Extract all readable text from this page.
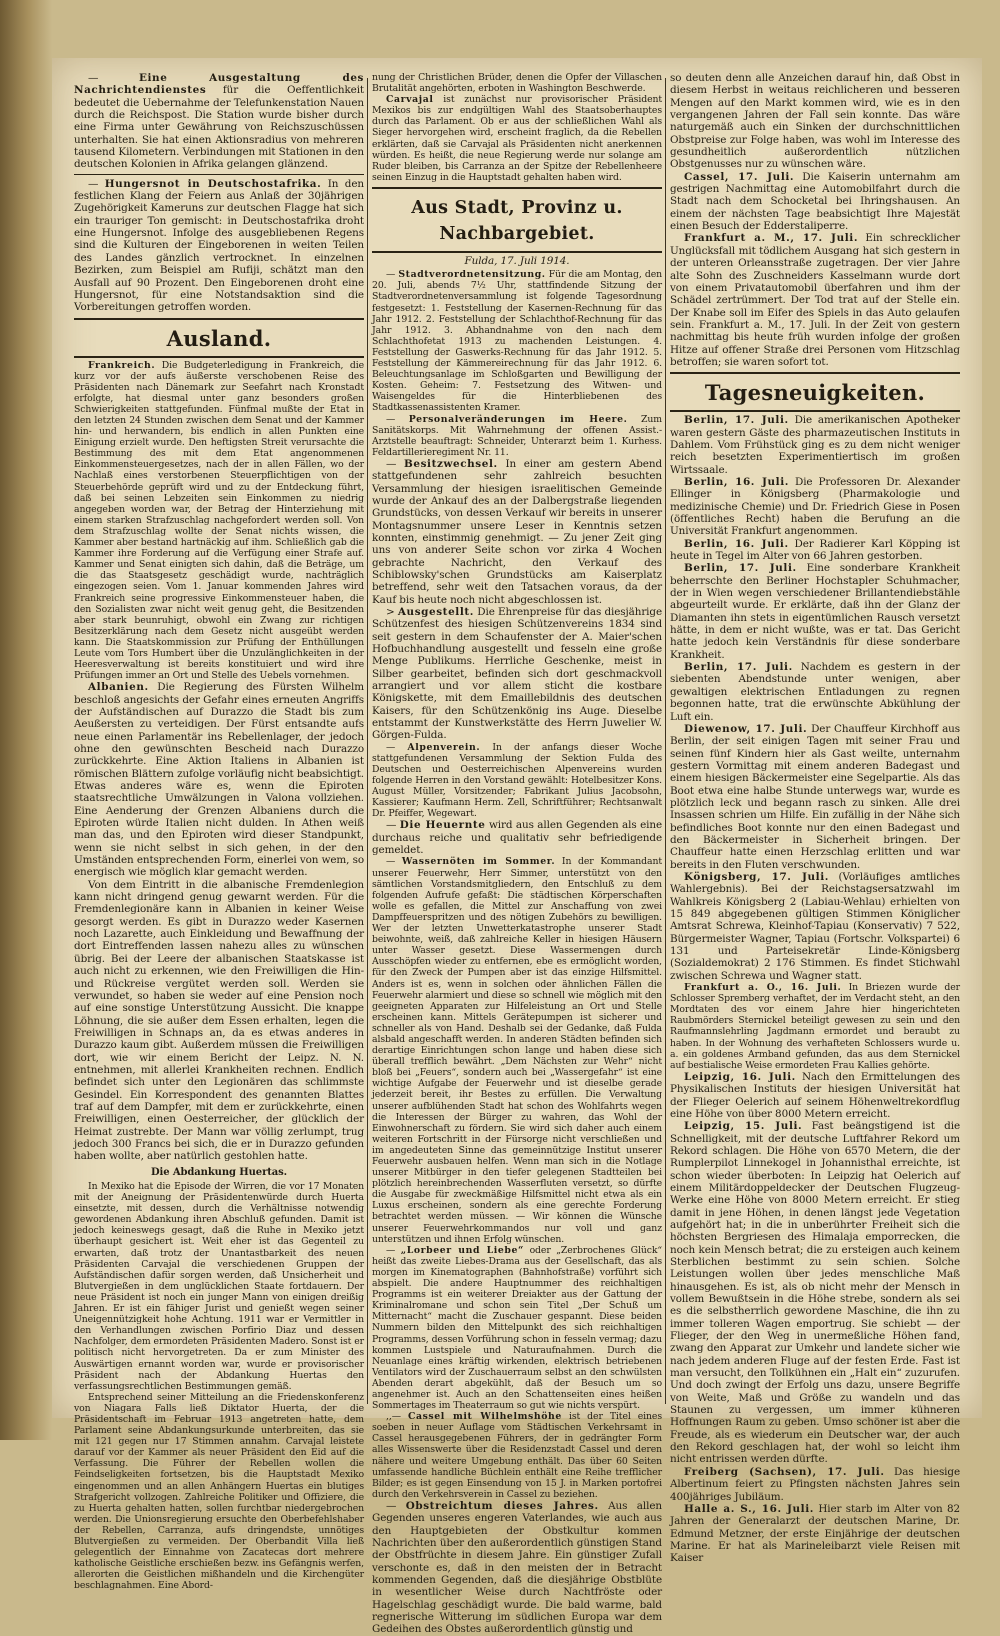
— Eine Ausgestaltung des Nachrichtendienstes für die Oeffentlichkeit bedeutet die Uebernahme der Telefunkenstation Nauen durch die Reichspost. Die Station wurde bisher durch eine Firma unter Gewährung von Reichszuschüssen unterhalten. Sie hat einen Aktionsradius von mehreren tausend Kilometern. Verbindungen mit Stationen in den deutschen Kolonien in Afrika gelangen glänzend.

— Hungersnot in Deutschostafrika. In den festlichen Klang der Feiern aus Anlaß der 30jährigen Zugehörigkeit Kameruns zur deutschen Flagge hat sich ein trauriger Ton gemischt: in Deutschostafrika droht eine Hungersnot. Infolge des ausgebliebenen Regens sind die Kulturen der Eingeborenen in weiten Teilen des Landes gänzlich vertrocknet. In einzelnen Bezirken, zum Beispiel am Rufiji, schätzt man den Ausfall auf 90 Prozent. Den Eingeborenen droht eine Hungersnot, für eine Notstandsaktion sind die Vorbereitungen getroffen worden.

Ausland.

Frankreich. Die Budgeterledigung in Frankreich, die kurz vor der aufs äußerste verschobenen Reise des Präsidenten nach Dänemark zur Seefahrt nach Kronstadt erfolgte, hat diesmal unter ganz besonders großen Schwierigkeiten stattgefunden. Fünfmal mußte der Etat in den letzten 24 Stunden zwischen dem Senat und der Kammer hin- und herwandern, bis endlich in allen Punkten eine Einigung erzielt wurde. Den heftigsten Streit verursachte die Bestimmung des mit dem Etat angenommenen Einkommensteuergesetzes, nach der in allen Fällen, wo der Nachlaß eines verstorbenen Steuerpflichtigen von der Steuerbehörde geprüft wird und zu der Entdeckung führt, daß bei seinen Lebzeiten sein Einkommen zu niedrig angegeben worden war, der Betrag der Hinterziehung mit einem starken Strafzuschlag nachgefordert werden soll. Von dem Strafzuschlag wollte der Senat nichts wissen, die Kammer aber bestand hartnäckig auf ihm. Schließlich gab die Kammer ihre Forderung auf die Verfügung einer Strafe auf. Kammer und Senat einigten sich dahin, daß die Beträge, um die das Staatsgesetz geschädigt wurde, nachträglich eingezogen seien. Vom 1. Januar kommenden Jahres wird Frankreich seine progressive Einkommensteuer haben, die den Sozialisten zwar nicht weit genug geht, die Besitzenden aber stark beunruhigt, obwohl ein Zwang zur richtigen Besitzerklärung nach dem Gesetz nicht ausgeübt werden kann. Die Staatskommission zur Prüfung der Enthüllungen Leute vom Tors Humbert über die Unzulänglichkeiten in der Heeresverwaltung ist bereits konstituiert und wird ihre Prüfungen immer an Ort und Stelle des Uebels vornehmen.

Albanien. Die Regierung des Fürsten Wilhelm beschloß angesichts der Gefahr eines erneuten Angriffs der Aufständischen auf Durazzo die Stadt bis zum Aeußersten zu verteidigen. Der Fürst entsandte aufs neue einen Parlamentär ins Rebellenlager, der jedoch ohne den gewünschten Bescheid nach Durazzo zurückkehrte. Eine Aktion Italiens in Albanien ist römischen Blättern zufolge vorläufig nicht beabsichtigt. Etwas anderes wäre es, wenn die Epiroten staatsrechtliche Umwälzungen in Valona vollziehen. Eine Aenderung der Grenzen Albaniens durch die Epiroten würde Italien nicht dulden. In Athen weiß man das, und den Epiroten wird dieser Standpunkt, wenn sie nicht selbst in sich gehen, in der den Umständen entsprechenden Form, einerlei von wem, so energisch wie möglich klar gemacht werden.

Von dem Eintritt in die albanische Fremdenlegion kann nicht dringend genug gewarnt werden. Für die Fremdenlegionäre kann in Albanien in keiner Weise gesorgt werden. Es gibt in Durazzo weder Kasernen noch Lazarette, auch Einkleidung und Bewaffnung der dort Eintreffenden lassen nahezu alles zu wünschen übrig. Bei der Leere der albanischen Staatskasse ist auch nicht zu erkennen, wie den Freiwilligen die Hin- und Rückreise vergütet werden soll. Werden sie verwundet, so haben sie weder auf eine Pension noch auf eine sonstige Unterstützung Aussicht. Die knappe Löhnung, die sie außer dem Essen erhalten, legen die Freiwilligen in Schnaps an, da es etwas anderes in Durazzo kaum gibt. Außerdem müssen die Freiwilligen dort, wie wir einem Bericht der Leipz. N. N. entnehmen, mit allerlei Krankheiten rechnen. Endlich befindet sich unter den Legionären das schlimmste Gesindel. Ein Korrespondent des genannten Blattes traf auf dem Dampfer, mit dem er zurückkehrte, einen Freiwilligen, einen Oesterreicher, der glücklich der Heimat zustrebte. Der Mann war völlig zerlumpt, trug jedoch 300 Francs bei sich, die er in Durazzo gefunden haben wollte, aber natürlich gestohlen hatte.

Die Abdankung Huertas.

In Mexiko hat die Episode der Wirren, die vor 17 Monaten mit der Aneignung der Präsidentenwürde durch Huerta einsetzte, mit dessen, durch die Verhältnisse notwendig gewordenen Abdankung ihren Abschluß gefunden. Damit ist jedoch keineswegs gesagt, daß die Ruhe in Mexiko jetzt überhaupt gesichert ist. Weit eher ist das Gegenteil zu erwarten, daß trotz der Unantastbarkeit des neuen Präsidenten Carvajal die verschiedenen Gruppen der Aufständischen dafür sorgen werden, daß Unsicherheit und Blutvergießen in dem unglücklichen Staate fortdauern. Der neue Präsident ist noch ein junger Mann von einigen dreißig Jahren. Er ist ein fähiger Jurist und genießt wegen seiner Uneigennützigkeit hohe Achtung. 1911 war er Vermittler in den Verhandlungen zwischen Porfirio Diaz und dessen Nachfolger, dem ermordeten Präsidenten Madero. Sonst ist er politisch nicht hervorgetreten. Da er zum Minister des Auswärtigen ernannt worden war, wurde er provisorischer Präsident nach der Abdankung Huertas den verfassungsrechtlichen Bestimmungen gemäß.

Entsprechend seiner Mitteilung an die Friedenskonferenz von Niagara Falls ließ Diktator Huerta, der die Präsidentschaft im Februar 1913 angetreten hatte, dem Parlament seine Abdankungsurkunde unterbreiten, das sie mit 121 gegen nur 17 Stimmen annahm. Carvajal leistete darauf vor der Kammer als neuer Präsident den Eid auf die Verfassung. Die Führer der Rebellen wollen die Feindseligkeiten fortsetzen, bis die Hauptstadt Mexiko eingenommen und an allen Anhängern Huertas ein blutiges Strafgericht vollzogen. Zahlreiche Politiker und Offiziere, die zu Huerta gehalten hatten, sollen furchtbar niedergebrochen werden. Die Unionsregierung ersuchte den Oberbefehlshaber der Rebellen, Carranza, aufs dringendste, unnötiges Blutvergießen zu vermeiden. Der Oberbandit Villa ließ gelegentlich der Einnahme von Zacatecas dort mehrere katholische Geistliche erschießen bezw. ins Gefängnis werfen, allerorten die Geistlichen mißhandeln und die Kirchengüter beschlagnahmen. Eine Abord-

nung der Christlichen Brüder, denen die Opfer der Villaschen Brutalität angehörten, erboten in Washington Beschwerde.

Carvajal ist zunächst nur provisorischer Präsident Mexikos bis zur endgültigen Wahl des Staatsoberhauptes durch das Parlament. Ob er aus der schließlichen Wahl als Sieger hervorgehen wird, erscheint fraglich, da die Rebellen erklärten, daß sie Carvajal als Präsidenten nicht anerkennen würden. Es heißt, die neue Regierung werde nur solange am Ruder bleiben, bis Carranza an der Spitze der Rebellenheere seinen Einzug in die Hauptstadt gehalten haben wird.

Aus Stadt, Provinz u. Nachbargebiet.
Fulda, 17. Juli 1914.

— Stadtverordnetensitzung. Für die am Montag, den 20. Juli, abends 7½ Uhr, stattfindende Sitzung der Stadtverordnetenversammlung ist folgende Tagesordnung festgesetzt: 1. Feststellung der Kasernen-Rechnung für das Jahr 1912. 2. Feststellung der Schlachthof-Rechnung für das Jahr 1912. 3. Abhandnahme von den nach dem Schlachthofetat 1913 zu machenden Leistungen. 4. Feststellung der Gaswerks-Rechnung für das Jahr 1912. 5. Feststellung der Kämmereirechnung für das Jahr 1912. 6. Beleuchtungsanlage im Schloßgarten und Bewilligung der Kosten. Geheim: 7. Festsetzung des Witwen- und Waisengeldes für die Hinterbliebenen des Stadtkassenassistenten Kramer.

— Personalveränderungen im Heere. Zum Sanitätskorps. Mit Wahrnehmung der offenen Assist.-Arztstelle beauftragt: Schneider, Unterarzt beim 1. Kurhess. Feldartillerieregiment Nr. 11.

— Besitzwechsel. In einer am gestern Abend stattgefundenen sehr zahlreich besuchten Versammlung der hiesigen israelitischen Gemeinde wurde der Ankauf des an der Dalbergstraße liegenden Grundstücks, von dessen Verkauf wir bereits in unserer Montagsnummer unsere Leser in Kenntnis setzen konnten, einstimmig genehmigt. — Zu jener Zeit ging uns von anderer Seite schon vor zirka 4 Wochen gebrachte Nachricht, den Verkauf des Schiblowsky'schen Grundstücks am Kaiserplatz betreffend, sehr weit den Tatsachen voraus, da der Kauf bis heute noch nicht abgeschlossen ist.

> Ausgestellt. Die Ehrenpreise für das diesjährige Schützenfest des hiesigen Schützenvereins 1834 sind seit gestern in dem Schaufenster der A. Maier'schen Hofbuchhandlung ausgestellt und fesseln eine große Menge Publikums. Herrliche Geschenke, meist in Silber gearbeitet, befinden sich dort geschmackvoll arrangiert und vor allem sticht die kostbare Königskette, mit dem Emaillebildnis des deutschen Kaisers, für den Schützenkönig ins Auge. Dieselbe entstammt der Kunstwerkstätte des Herrn Juwelier W. Görgen-Fulda.

— Alpenverein. In der anfangs dieser Woche stattgefundenen Versammlung der Sektion Fulda des Deutschen und Oesterreichischen Alpenvereins wurden folgende Herren in den Vorstand gewählt: Hotelbesitzer Kons. August Müller, Vorsitzender; Fabrikant Julius Jacobsohn, Kassierer; Kaufmann Herm. Zell, Schriftführer; Rechtsanwalt Dr. Pfeiffer, Wegewart.

— Die Heuernte wird aus allen Gegenden als eine durchaus reiche und qualitativ sehr befriedigende gemeldet.

— Wassernöten im Sommer. In der Kommandant unserer Feuerwehr, Herr Simmer, unterstützt von den sämtlichen Vorstandsmitgliedern, den Entschluß zu dem folgenden Aufrufe gefaßt: Die städtischen Körperschaften wolle es gefallen, die Mittel zur Anschaffung von zwei Dampffeuerspritzen und des nötigen Zubehörs zu bewilligen. Wer der letzten Unwetterkatastrophe unserer Stadt beiwohnte, weiß, daß zahlreiche Keller in hiesigen Häusern unter Wasser gesetzt. Diese Wassermengen durch Ausschöpfen wieder zu entfernen, ebe es ermöglicht worden, für den Zweck der Pumpen aber ist das einzige Hilfsmittel. Anders ist es, wenn in solchen oder ähnlichen Fällen die Feuerwehr alarmiert und diese so schnell wie möglich mit den geeigneten Apparaten zur Hilfeleistung an Ort und Stelle erscheinen kann. Mittels Gerätepumpen ist sicherer und schneller als von Hand. Deshalb sei der Gedanke, daß Fulda alsbald angeschafft werden. In anderen Städten befinden sich derartige Einrichtungen schon lange und haben diese sich überall trefflich bewährt. „Dem Nächsten zur Wehr“ nicht bloß bei „Feuers“, sondern auch bei „Wassergefahr“ ist eine wichtige Aufgabe der Feuerwehr und ist dieselbe gerade jederzeit bereit, ihr Bestes zu erfüllen. Die Verwaltung unserer aufblühenden Stadt hat schon des Wohlfahrts wegen die Interessen der Bürger zu wahren, das Wohl der Einwohnerschaft zu fördern. Sie wird sich daher auch einem weiteren Fortschritt in der Fürsorge nicht verschließen und im angedeuteten Sinne das gemeinnützige Institut unserer Feuerwehr ausbauen helfen. Wenn man sich in die Notlage unserer Mitbürger in den tiefer gelegenen Stadtteilen bei plötzlich hereinbrechenden Wasserfluten versetzt, so dürfte die Ausgabe für zweckmäßige Hilfsmittel nicht etwa als ein Luxus erscheinen, sondern als eine gerechte Forderung betrachtet werden müssen. — Wir können die Wünsche unserer Feuerwehrkommandos nur voll und ganz unterstützen und ihnen Erfolg wünschen.

— „Lorbeer und Liebe“ oder „Zerbrochenes Glück“ heißt das zweite Liebes-Drama aus der Gesellschaft, das als morgen im Kinematographen (Bahnhofstraße) vorführt sich abspielt. Die andere Hauptnummer des reichhaltigen Programms ist ein weiterer Dreiakter aus der Gattung der Kriminalromane und schon sein Titel „Der Schuß um Mitternacht“ macht die Zuschauer gespannt. Diese beiden Nummern bilden den Mittelpunkt des sich reichhaltigen Programms, dessen Vorführung schon in fesseln vermag; dazu kommen Lustspiele und Naturaufnahmen. Durch die Neuanlage eines kräftig wirkenden, elektrisch betriebenen Ventilators wird der Zuschauerraum selbst an den schwülsten Abenden derart abgekühlt, daß der Besuch um so angenehmer ist. Auch an den Schattenseiten eines heißen Sommertages im Theaterraum so gut wie nichts verspürt.

,,— Cassel mit Wilhelmshöhe ist der Titel eines soeben in neuer Auflage vom Städtischen Verkehrsamt in Cassel herausgegebenen Führers, der in gedrängter Form alles Wissenswerte über die Residenzstadt Cassel und deren nähere und weitere Umgebung enthält. Das über 60 Seiten umfassende handliche Büchlein enthält eine Reihe trefflicher Bilder; es ist gegen Einsendung von 15 J. in Marken portofrei durch den Verkehrsverein in Cassel zu beziehen.

— Obstreichtum dieses Jahres. Aus allen Gegenden unseres engeren Vaterlandes, wie auch aus den Hauptgebieten der Obstkultur kommen Nachrichten über den außerordentlich günstigen Stand der Obstfrüchte in diesem Jahre. Ein günstiger Zufall verschonte es, daß in den meisten der in Betracht kommenden Gegenden, daß die diesjährige Obstblüte in wesentlicher Weise durch Nachtfröste oder Hagelschlag geschädigt wurde. Die bald warme, bald regnerische Witterung im südlichen Europa war dem Gedeihen des Obstes außerordentlich günstig und

so deuten denn alle Anzeichen darauf hin, daß Obst in diesem Herbst in weitaus reichlicheren und besseren Mengen auf den Markt kommen wird, wie es in den vergangenen Jahren der Fall sein konnte. Das wäre naturgemäß auch ein Sinken der durchschnittlichen Obstpreise zur Folge haben, was wohl im Interesse des gesundheitlich außerordentlich nützlichen Obstgenusses nur zu wünschen wäre.

Cassel, 17. Juli. Die Kaiserin unternahm am gestrigen Nachmittag eine Automobilfahrt durch die Stadt nach dem Schocketal bei Ihringshausen. An einem der nächsten Tage beabsichtigt Ihre Majestät einen Besuch der Edderstaliperre.

Frankfurt a. M., 17. Juli. Ein schrecklicher Unglücksfall mit tödlichem Ausgang hat sich gestern in der unteren Orleansstraße zugetragen. Der vier Jahre alte Sohn des Zuschneiders Kasselmann wurde dort von einem Privatautomobil überfahren und ihm der Schädel zertrümmert. Der Tod trat auf der Stelle ein. Der Knabe soll im Eifer des Spiels in das Auto gelaufen sein. Frankfurt a. M., 17. Juli. In der Zeit von gestern nachmittag bis heute früh wurden infolge der großen Hitze auf offener Straße drei Personen vom Hitzschlag betroffen; sie waren sofort tot.

Tagesneuigkeiten.

Berlin, 17. Juli. Die amerikanischen Apotheker waren gestern Gäste des pharmazeutischen Instituts in Dahlem. Vom Frühstück ging es zu dem nicht weniger reich besetzten Experimentiertisch im großen Wirtssaale.

Berlin, 16. Juli. Die Professoren Dr. Alexander Ellinger in Königsberg (Pharmakologie und medizinische Chemie) und Dr. Friedrich Giese in Posen (öffentliches Recht) haben die Berufung an die Universität Frankfurt angenommen.

Berlin, 16. Juli. Der Radierer Karl Köpping ist heute in Tegel im Alter von 66 Jahren gestorben.

Berlin, 17. Juli. Eine sonderbare Krankheit beherrschte den Berliner Hochstapler Schuhmacher, der in Wien wegen verschiedener Brillantendiebstähle abgeurteilt wurde. Er erklärte, daß ihn der Glanz der Diamanten ihn stets in eigentümlichen Rausch versetzt hätte, in dem er nicht wußte, was er tat. Das Gericht hatte jedoch kein Verständnis für diese sonderbare Krankheit.

Berlin, 17. Juli. Nachdem es gestern in der siebenten Abendstunde unter wenigen, aber gewaltigen elektrischen Entladungen zu regnen begonnen hatte, trat die erwünschte Abkühlung der Luft ein.

Diewenow, 17. Juli. Der Chauffeur Kirchhoff aus Berlin, der seit einigen Tagen mit seiner Frau und seinen fünf Kindern hier als Gast weilte, unternahm gestern Vormittag mit einem anderen Badegast und einem hiesigen Bäckermeister eine Segelpartie. Als das Boot etwa eine halbe Stunde unterwegs war, wurde es plötzlich leck und begann rasch zu sinken. Alle drei Insassen schrien um Hilfe. Ein zufällig in der Nähe sich befindliches Boot konnte nur den einen Badegast und den Bäckermeister in Sicherheit bringen. Der Chauffeur hatte einen Herzschlag erlitten und war bereits in den Fluten verschwunden.

Königsberg, 17. Juli. (Vorläufiges amtliches Wahlergebnis). Bei der Reichstagsersatzwahl im Wahlkreis Königsberg 2 (Labiau-Wehlau) erhielten von 15 849 abgegebenen gültigen Stimmen Königlicher Amtsrat Schrewa, Kleinhof-Tapiau (Konservativ) 7 522, Bürgermeister Wagner, Tapiau (Fortschr. Volkspartei) 6 131 und Parteisekretär Linde-Königsberg (Sozialdemokrat) 2 176 Stimmen. Es findet Stichwahl zwischen Schrewa und Wagner statt.

Frankfurt a. O., 16. Juli. In Briezen wurde der Schlosser Spremberg verhaftet, der im Verdacht steht, an den Mordtaten des vor einem Jahre hier hingerichteten Raubmörders Sternickel beteiligt gewesen zu sein und den Raufmannslehrling Jagdmann ermordet und beraubt zu haben. In der Wohnung des verhafteten Schlossers wurde u. a. ein goldenes Armband gefunden, das aus dem Sternickel auf bestialische Weise ermordeten Frau Kallies gehörte.

Leipzig, 16. Juli. Nach den Ermittelungen des Physikalischen Instituts der hiesigen Universität hat der Flieger Oelerich auf seinem Höhenweltrekordflug eine Höhe von über 8000 Metern erreicht.

Leipzig, 15. Juli. Fast beängstigend ist die Schnelligkeit, mit der deutsche Luftfahrer Rekord um Rekord schlagen. Die Höhe von 6570 Metern, die der Rumplerpilot Linnekogel in Johannisthal erreichte, ist schon wieder überboten: In Leipzig hat Oelerich auf einem Militärdoppeldecker der Deutschen Flugzeug-Werke eine Höhe von 8000 Metern erreicht. Er stieg damit in jene Höhen, in denen längst jede Vegetation aufgehört hat; in die in unberührter Freiheit sich die höchsten Bergriesen des Himalaja emporrecken, die noch kein Mensch betrat; die zu ersteigen auch keinem Sterblichen bestimmt zu sein schien. Solche Leistungen wollen über jedes menschliche Maß hinausgehen. Es ist, als ob nicht mehr der Mensch in vollem Bewußtsein in die Höhe strebe, sondern als sei es die selbstherrlich gewordene Maschine, die ihn zu immer tolleren Wagen emportrug. Sie schiebt — der Flieger, der den Weg in unermeßliche Höhen fand, zwang den Apparat zur Umkehr und landete sicher wie nach jedem anderen Fluge auf der festen Erde. Fast ist man versucht, den Tollkühnen ein „Halt ein“ zuzurufen. Und doch zwingt der Erfolg uns dazu, unsere Begriffe von Weite, Maß und Größe zu wandeln und das Staunen zu vergessen, um immer kühneren Hoffnungen Raum zu geben. Umso schöner ist aber die Freude, als es wiederum ein Deutscher war, der auch den Rekord geschlagen hat, der wohl so leicht ihm nicht entrissen werden dürfte.

Freiberg (Sachsen), 17. Juli. Das hiesige Albertinum feiert zu Pfingsten nächsten Jahres sein 400jähriges Jubiläum.

Halle a. S., 16. Juli. Hier starb im Alter von 82 Jahren der Generalarzt der deutschen Marine, Dr. Edmund Metzner, der erste Einjährige der deutschen Marine. Er hat als Marineleibarzt viele Reisen mit Kaiser
